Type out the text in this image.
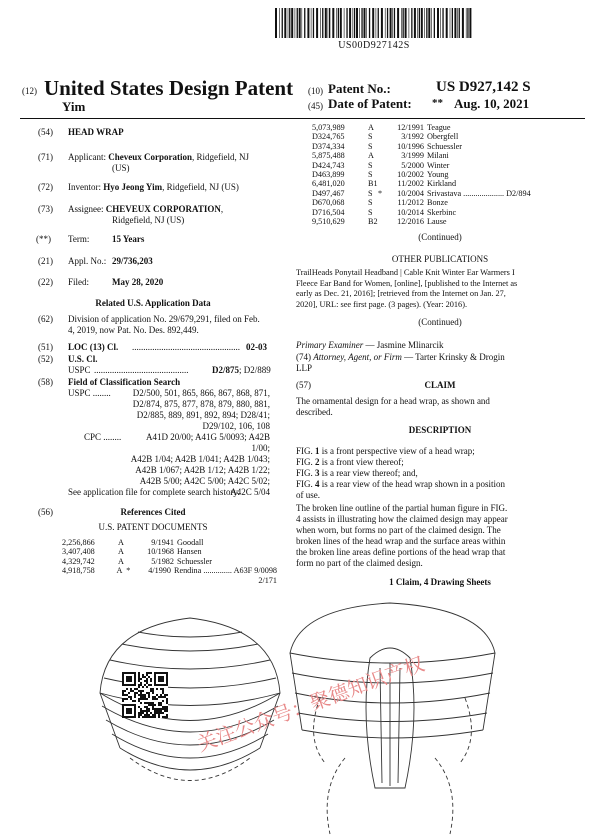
US00D927142S
(12) United States Design Patent
Yim
(10) Patent No.:	US D927,142 S
(45) Date of Patent: ** Aug. 10, 2021
(54) HEAD WRAP
(71) Applicant: Cheveux Corporation, Ridgefield, NJ
(US)
(72) Inventor: Hyo Jeong Yim, Ridgefield, NJ (US)
(73) Assignee: CHEVEUX CORPORATION,
Ridgefield, NJ (US)
(**) Term:	15 Years
(21) Appl. No.: 29/736,203
(22) Filed:	May 28, 2020
Related U.S. Application Data
(62) Division of application No. 29/679,291, filed on Feb.
4, 2019, now Pat. No. Des. 892,449.
(51) LOC (13) Cl. ................................................ 02-03
(52) U.S. Cl.
USPC ..........................................	D2/875; D2/889
(58) Field of Classification Search
USPC ........	D2/500, 501, 865, 866, 867, 868, 871,
D2/874, 875, 877, 878, 879, 880, 881,
D2/885, 889, 891, 892, 894; D28/41;
D29/102, 106, 108
CPC ........	A41D 20/00; A41G 5/0093; A42B 1/00;
A42B 1/04; A42B 1/041; A42B 1/043;
A42B 1/067; A42B 1/12; A42B 1/22;
A42B 5/00; A42C 5/00; A42C 5/02;
A42C 5/04
See application file for complete search history.
(56)	References Cited
U.S. PATENT DOCUMENTS
2,256,866	A	9/1941 Goodall
3,407,408	A	10/1968 Hansen
4,329,742	A	5/1982 Schuessler
4,918,758	A *	4/1990 Rendina .............. A63F 9/0098
2/171
5,073,989	A	12/1991 Teague
D324,765	S	3/1992 Obergfell
D374,334	S	10/1996 Schuessler
5,875,488	A	3/1999 Milani
D424,743	S	5/2000 Winter
D463,899	S	10/2002 Young
6,481,020	B1	11/2002 Kirkland
D497,467	S *	10/2004 Srivastava .................... D2/894
D670,068	S	11/2012 Bonze
D716,504	S	10/2014 Skerbinc
9,510,629	B2	12/2016 Lause
(Continued)
OTHER PUBLICATIONS
TrailHeads Ponytail Headband | Cable Knit Winter Ear Warmers I
Fleece Ear Band for Women, [online], [published to the Internet as
early as Dec. 21, 2016]; [retrieved from the Internet on Jan. 27,
2020], URL: see first page. (3 pages). (Year: 2016).
(Continued)
Primary Examiner — Jasmine Mlinarcik
(74) Attorney, Agent, or Firm — Tarter Krinsky & Drogin
LLP
(57)	CLAIM
The ornamental design for a head wrap, as shown and
described.
DESCRIPTION
FIG. 1 is a front perspective view of a head wrap;
FIG. 2 is a front view thereof;
FIG. 3 is a rear view thereof; and,
FIG. 4 is a rear view of the head wrap shown in a position
of use.
The broken line outline of the partial human figure in FIG.
4 assists in illustrating how the claimed design may appear
when worn, but forms no part of the claimed design. The
broken lines of the head wrap and the surface areas within
the broken line areas define portions of the head wrap that
form no part of the claimed design.
1 Claim, 4 Drawing Sheets
关注公众号：聚德知识产权
